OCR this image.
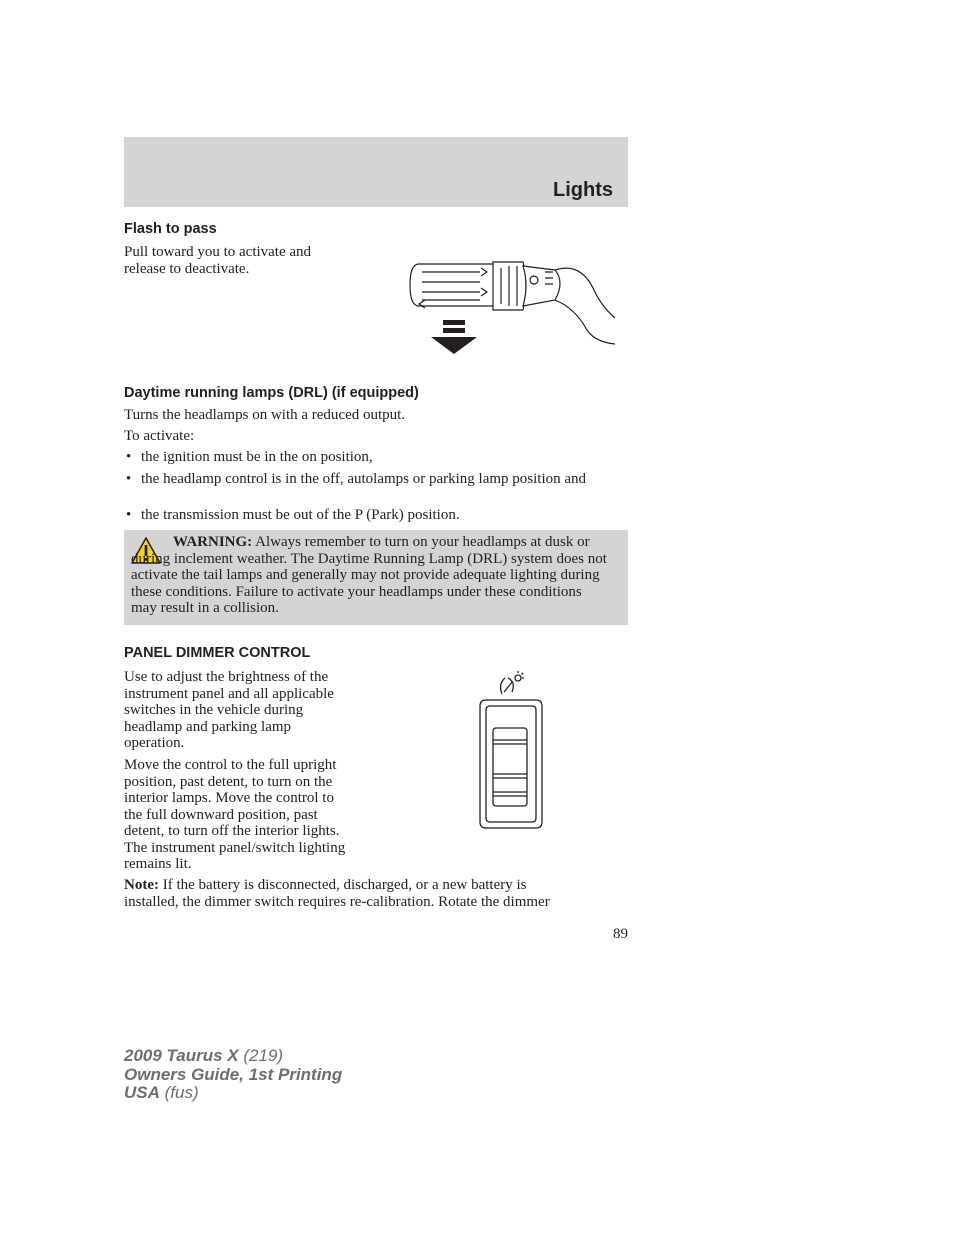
Lights
Flash to pass
Pull toward you to activate and
release to deactivate.
Daytime running lamps (DRL) (if equipped)
Turns the headlamps on with a reduced output.
To activate:
• the ignition must be in the on position,
• the headlamp control is in the off, autolamps or parking lamp position and
• the transmission must be out of the P (Park) position.
WARNING: Always remember to turn on your headlamps at dusk or during inclement weather. The Daytime Running Lamp (DRL) system does not activate the tail lamps and generally may not provide adequate lighting during these conditions. Failure to activate your headlamps under these conditions may result in a collision.
PANEL DIMMER CONTROL
Use to adjust the brightness of the
instrument panel and all applicable
switches in the vehicle during
headlamp and parking lamp
operation.
Move the control to the full upright
position, past detent, to turn on the
interior lamps. Move the control to
the full downward position, past
detent, to turn off the interior lights.
The instrument panel/switch lighting
remains lit.
Note: If the battery is disconnected, discharged, or a new battery is
installed, the dimmer switch requires re-calibration. Rotate the dimmer
89
2009 Taurus X (219)
Owners Guide, 1st Printing
USA (fus)
